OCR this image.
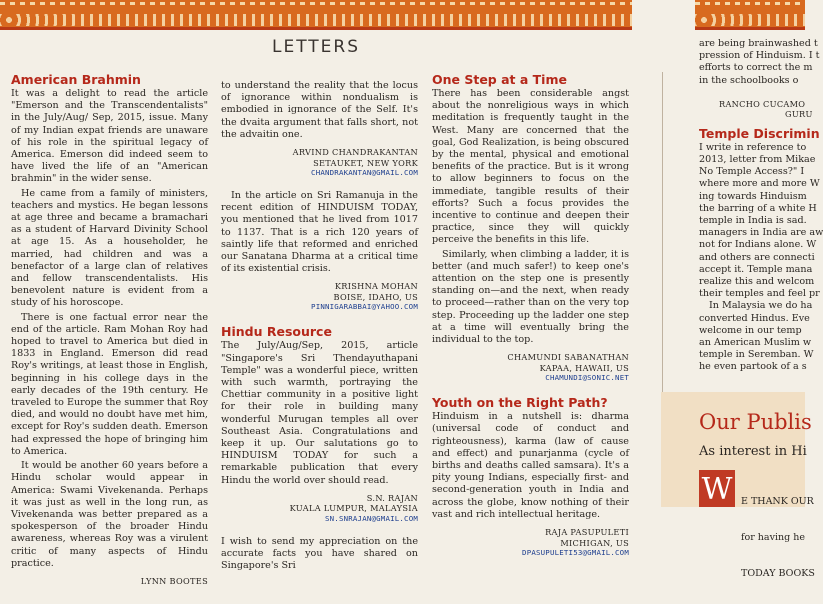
LETTERS
American Brahmin

It was a delight to read the article "Emerson and the Transcendentalists" in the July/Aug/ Sep, 2015, issue. Many of my Indian expat friends are unaware of his role in the spiritual legacy of America. Emerson did indeed seem to have lived the life of an "American brahmin" in the wider sense.

He came from a family of ministers, teachers and mystics. He began lessons at age three and became a bramachari as a student of Harvard Divinity School at age 15. As a householder, he married, had children and was a benefactor of a large clan of relatives and fellow transcendentalists. His benevolent nature is evident from a study of his horoscope.

There is one factual error near the end of the article. Ram Mohan Roy had hoped to travel to America but died in 1833 in England. Emerson did read Roy's writings, at least those in English, beginning in his college days in the early decades of the 19th century. He traveled to Europe the summer that Roy died, and would no doubt have met him, except for Roy's sudden death. Emerson had expressed the hope of bringing him to America.

It would be another 60 years before a Hindu scholar would appear in America: Swami Vivekenanda. Perhaps it was just as well in the long run, as Vivekenanda was better prepared as a spokesperson of the broader Hindu awareness, whereas Roy was a virulent critic of many aspects of Hindu practice.

LYNN BOOTES

to understand the reality that the locus of ignorance within nondualism is embodied in ignorance of the Self. It's the dvaita argument that falls short, not the advaitin one.

ARVIND CHANDRAKANTAN
SETAUKET, NEW YORK
CHANDRAKANTAN@GMAIL.COM

In the article on Sri Ramanuja in the recent edition of HINDUISM TODAY, you mentioned that he lived from 1017 to 1137. That is a rich 120 years of saintly life that reformed and enriched our Sanatana Dharma at a critical time of its existential crisis.

KRISHNA MOHAN
BOISE, IDAHO, US
PINNIGARABBAI@YAHOO.COM
Hindu Resource

The July/Aug/Sep, 2015, article "Singapore's Sri Thendayuthapani Temple" was a wonderful piece, written with such warmth, portraying the Chettiar community in a positive light for their role in building many wonderful Murugan temples all over Southeast Asia. Congratulations and keep it up. Our salutations go to HINDUISM TODAY for such a remarkable publication that every Hindu the world over should read.

S.N. RAJAN
KUALA LUMPUR, MALAYSIA
SN.SNRAJAN@GMAIL.COM

I wish to send my appreciation on the accurate facts you have shared on Singapore's Sri

One Step at a Time

There has been considerable angst about the nonreligious ways in which meditation is frequently taught in the West. Many are concerned that the goal, God Realization, is being obscured by the mental, physical and emotional benefits of the practice. But is it wrong to allow beginners to focus on the immediate, tangible results of their efforts? Such a focus provides the incentive to continue and deepen their practice, since they will quickly perceive the benefits in this life.

Similarly, when climbing a ladder, it is better (and much safer!) to keep one's attention on the step one is presently standing on—and the next, when ready to proceed—rather than on the very top step. Proceeding up the ladder one step at a time will eventually bring the individual to the top.

CHAMUNDI SABANATHAN
KAPAA, HAWAII, US
CHAMUNDI@SONIC.NET
Youth on the Right Path?

Hinduism in a nutshell is: dharma (universal code of conduct and righteousness), karma (law of cause and effect) and punarjanma (cycle of births and deaths called samsara). It's a pity young Indians, especially first- and second-generation youth in India and across the globe, know nothing of their vast and rich intellectual heritage.

RAJA PASUPULETI
MICHIGAN, US
DPASUPULETI53@GMAIL.COM
are being brainwashed t
pression of Hinduism. I t
efforts to correct the m
in the schoolbooks o
RANCHO CUCAMO
GURU
Temple Discrimin
I write in reference to
2013, letter from Mikae
No Temple Access?" I
where more and more W
ing towards Hinduism
the barring of a white H
temple in India is sad.
managers in India are aw
not for Indians alone. W
and others are connecti
accept it. Temple mana
realize this and welcom
their temples and feel pr
In Malaysia we do ha
converted Hindus. Eve
welcome in our temp
an American Muslim w
temple in Seremban. W
he even partook of a s
Our Publis
As interest in Hi
W

E THANK OUR

for having he

TODAY BOOKS
